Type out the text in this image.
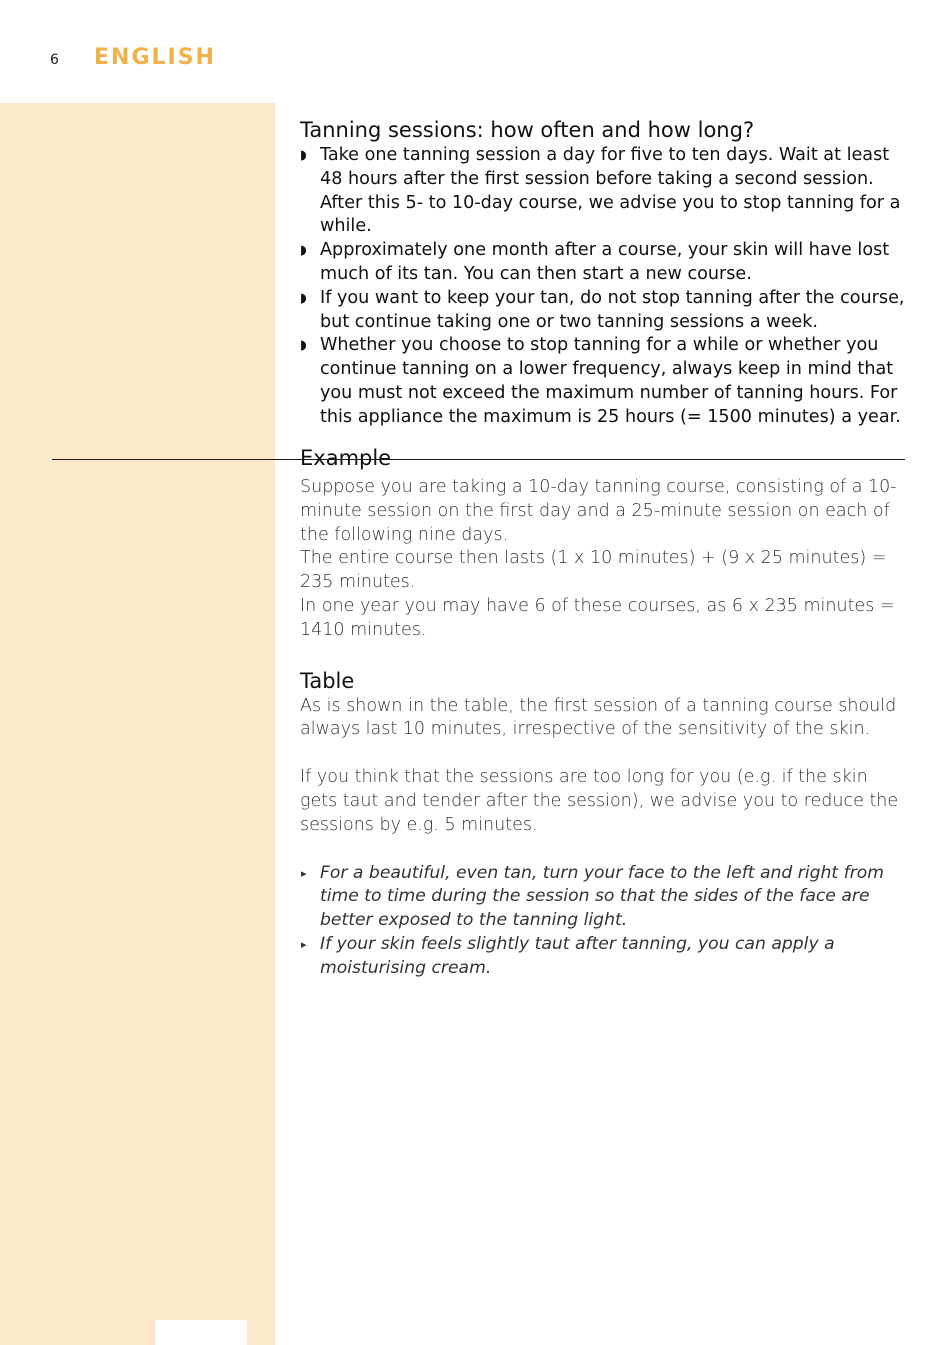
6 ENGLISH
Tanning sessions: how often and how long?
◗ Take one tanning session a day for five to ten days. Wait at least 48 hours after the first session before taking a second session. After this 5- to 10-day course, we advise you to stop tanning for a while.
◗ Approximately one month after a course, your skin will have lost much of its tan. You can then start a new course.
◗ If you want to keep your tan, do not stop tanning after the course, but continue taking one or two tanning sessions a week.
◗ Whether you choose to stop tanning for a while or whether you continue tanning on a lower frequency, always keep in mind that you must not exceed the maximum number of tanning hours. For this appliance the maximum is 25 hours (= 1500 minutes) a year.
Example

Suppose you are taking a 10-day tanning course, consisting of a 10-minute session on the first day and a 25-minute session on each of the following nine days.

The entire course then lasts (1 x 10 minutes) + (9 x 25 minutes) = 235 minutes.

In one year you may have 6 of these courses, as 6 x 235 minutes = 1410 minutes.

Table

As is shown in the table, the first session of a tanning course should always last 10 minutes, irrespective of the sensitivity of the skin.

If you think that the sessions are too long for you (e.g. if the skin gets taut and tender after the session), we advise you to reduce the sessions by e.g. 5 minutes.

▸ For a beautiful, even tan, turn your face to the left and right from time to time during the session so that the sides of the face are better exposed to the tanning light.
▸ If your skin feels slightly taut after tanning, you can apply a moisturising cream.
